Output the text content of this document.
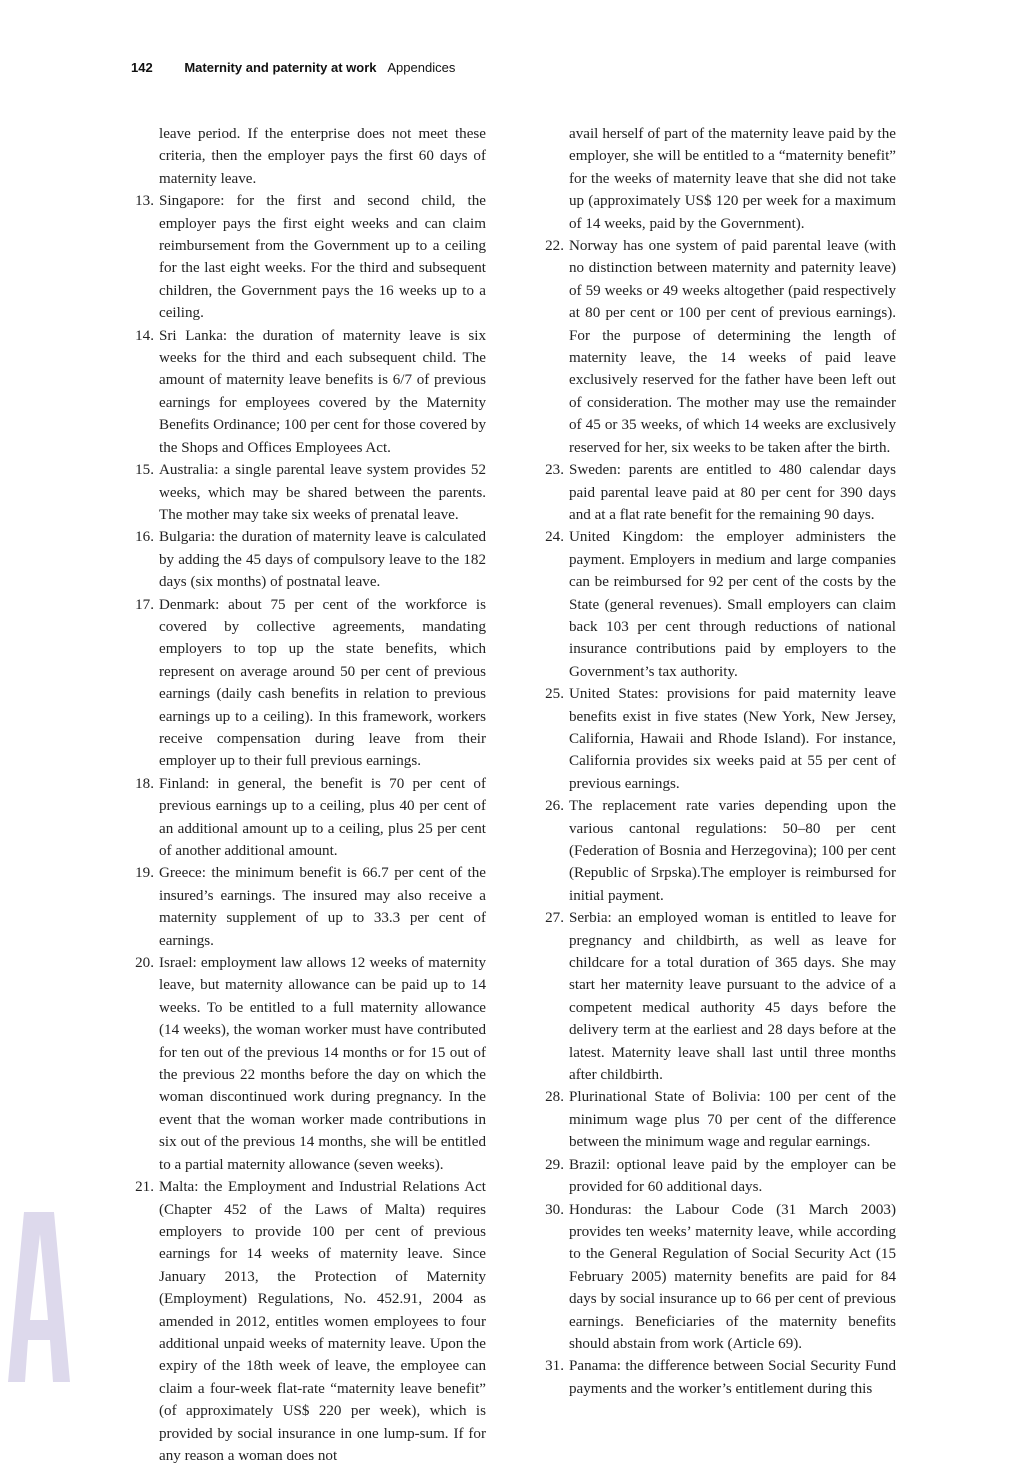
142 Maternity and paternity at work Appendices

leave period. If the enterprise does not meet these criteria, then the employer pays the first 60 days of maternity leave.

13. Singapore: for the first and second child, the employer pays the first eight weeks and can claim reimbursement from the Government up to a ceiling for the last eight weeks. For the third and subsequent children, the Government pays the 16 weeks up to a ceiling.

14. Sri Lanka: the duration of maternity leave is six weeks for the third and each subsequent child. The amount of maternity leave benefits is 6/7 of previous earnings for employees covered by the Maternity Benefits Ordinance; 100 per cent for those covered by the Shops and Offices Employees Act.

15. Australia: a single parental leave system provides 52 weeks, which may be shared between the parents. The mother may take six weeks of prenatal leave.

16. Bulgaria: the duration of maternity leave is calculated by adding the 45 days of compulsory leave to the 182 days (six months) of postnatal leave.

17. Denmark: about 75 per cent of the workforce is covered by collective agreements, mandating employers to top up the state benefits, which represent on average around 50 per cent of previous earnings (daily cash benefits in relation to previous earnings up to a ceiling). In this framework, workers receive compensation during leave from their employer up to their full previous earnings.

18. Finland: in general, the benefit is 70 per cent of previous earnings up to a ceiling, plus 40 per cent of an additional amount up to a ceiling, plus 25 per cent of another additional amount.

19. Greece: the minimum benefit is 66.7 per cent of the insured’s earnings. The insured may also receive a maternity supplement of up to 33.3 per cent of earnings.

20. Israel: employment law allows 12 weeks of maternity leave, but maternity allowance can be paid up to 14 weeks. To be entitled to a full maternity allowance (14 weeks), the woman worker must have contributed for ten out of the previous 14 months or for 15 out of the previous 22 months before the day on which the woman discontinued work during pregnancy. In the event that the woman worker made contributions in six out of the previous 14 months, she will be entitled to a partial maternity allowance (seven weeks).

21. Malta: the Employment and Industrial Relations Act (Chapter 452 of the Laws of Malta) requires employers to provide 100 per cent of previous earnings for 14 weeks of maternity leave. Since January 2013, the Protection of Maternity (Employment) Regulations, No. 452.91, 2004 as amended in 2012, entitles women employees to four additional unpaid weeks of maternity leave. Upon the expiry of the 18th week of leave, the employee can claim a four-week flat-rate “maternity leave benefit” (of approximately US$ 220 per week), which is provided by social insurance in one lump-sum. If for any reason a woman does not

avail herself of part of the maternity leave paid by the employer, she will be entitled to a “maternity benefit” for the weeks of maternity leave that she did not take up (approximately US$ 120 per week for a maximum of 14 weeks, paid by the Government).

22. Norway has one system of paid parental leave (with no distinction between maternity and paternity leave) of 59 weeks or 49 weeks altogether (paid respectively at 80 per cent or 100 per cent of previous earnings). For the purpose of determining the length of maternity leave, the 14 weeks of paid leave exclusively reserved for the father have been left out of consideration. The mother may use the remainder of 45 or 35 weeks, of which 14 weeks are exclusively reserved for her, six weeks to be taken after the birth.

23. Sweden: parents are entitled to 480 calendar days paid parental leave paid at 80 per cent for 390 days and at a flat rate benefit for the remaining 90 days.

24. United Kingdom: the employer administers the payment. Employers in medium and large companies can be reimbursed for 92 per cent of the costs by the State (general revenues). Small employers can claim back 103 per cent through reductions of national insurance contributions paid by employers to the Government’s tax authority.

25. United States: provisions for paid maternity leave benefits exist in five states (New York, New Jersey, California, Hawaii and Rhode Island). For instance, California provides six weeks paid at 55 per cent of previous earnings.

26. The replacement rate varies depending upon the various cantonal regulations: 50–80 per cent (Federation of Bosnia and Herzegovina); 100 per cent (Republic of Srpska).The employer is reimbursed for initial payment.

27. Serbia: an employed woman is entitled to leave for pregnancy and childbirth, as well as leave for childcare for a total duration of 365 days. She may start her maternity leave pursuant to the advice of a competent medical authority 45 days before the delivery term at the earliest and 28 days before at the latest. Maternity leave shall last until three months after childbirth.

28. Plurinational State of Bolivia: 100 per cent of the minimum wage plus 70 per cent of the difference between the minimum wage and regular earnings.

29. Brazil: optional leave paid by the employer can be provided for 60 additional days.

30. Honduras: the Labour Code (31 March 2003) provides ten weeks’ maternity leave, while according to the General Regulation of Social Security Act (15 February 2005) maternity benefits are paid for 84 days by social insurance up to 66 per cent of previous earnings. Beneficiaries of the maternity benefits should abstain from work (Article 69).

31. Panama: the difference between Social Security Fund payments and the worker’s entitlement during this
